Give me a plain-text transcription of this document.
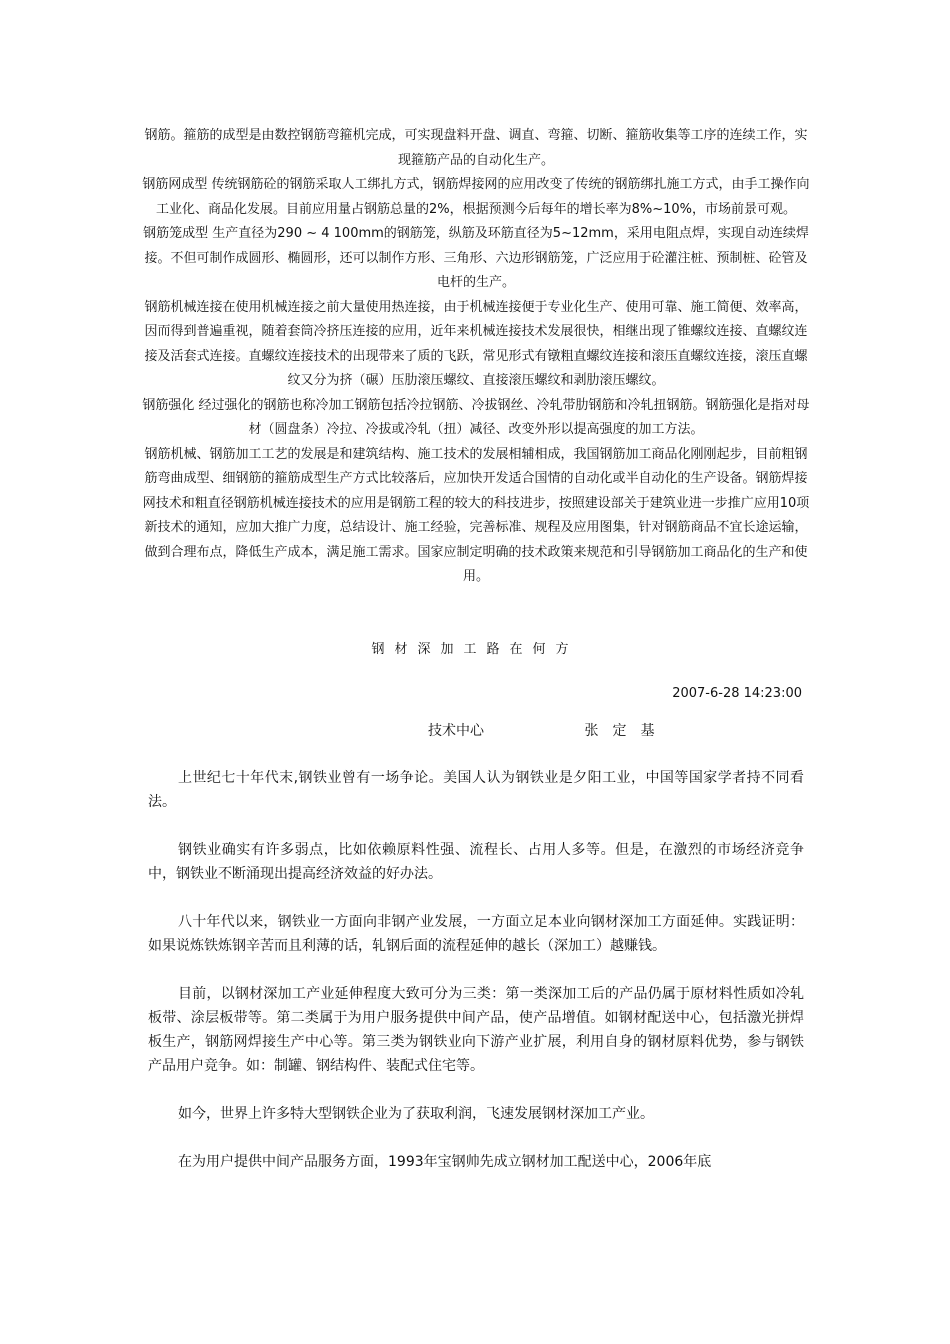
钢筋。箍筋的成型是由数控钢筋弯箍机完成，可实现盘料开盘、调直、弯箍、切断、箍筋收集等工序的连续工作，实现箍筋产品的自动化生产。

钢筋网成型 传统钢筋砼的钢筋采取人工绑扎方式，钢筋焊接网的应用改变了传统的钢筋绑扎施工方式，由手工操作向工业化、商品化发展。目前应用量占钢筋总量的2%，根据预测今后每年的增长率为8%~10%，市场前景可观。

钢筋笼成型 生产直径为290 ~ 4 100mm的钢筋笼，纵筋及环筋直径为5~12mm，采用电阻点焊，实现自动连续焊接。不但可制作成圆形、椭圆形，还可以制作方形、三角形、六边形钢筋笼，广泛应用于砼灌注桩、预制桩、砼管及电杆的生产。

钢筋机械连接在使用机械连接之前大量使用热连接，由于机械连接便于专业化生产、使用可靠、施工简便、效率高，因而得到普遍重视，随着套筒冷挤压连接的应用，近年来机械连接技术发展很快，相继出现了锥螺纹连接、直螺纹连接及活套式连接。直螺纹连接技术的出现带来了质的飞跃，常见形式有镦粗直螺纹连接和滚压直螺纹连接，滚压直螺纹又分为挤（碾）压肋滚压螺纹、直接滚压螺纹和剥肋滚压螺纹。

钢筋强化 经过强化的钢筋也称冷加工钢筋包括冷拉钢筋、冷拔钢丝、冷轧带肋钢筋和冷轧扭钢筋。钢筋强化是指对母材（圆盘条）冷拉、冷拔或冷轧（扭）减径、改变外形以提高强度的加工方法。

钢筋机械、钢筋加工工艺的发展是和建筑结构、施工技术的发展相辅相成，我国钢筋加工商品化刚刚起步，目前粗钢筋弯曲成型、细钢筋的箍筋成型生产方式比较落后，应加快开发适合国情的自动化或半自动化的生产设备。钢筋焊接网技术和粗直径钢筋机械连接技术的应用是钢筋工程的较大的科技进步，按照建设部关于建筑业进一步推广应用10项新技术的通知，应加大推广力度，总结设计、施工经验，完善标准、规程及应用图集，针对钢筋商品不宜长途运输，做到合理布点，降低生产成本，满足施工需求。国家应制定明确的技术政策来规范和引导钢筋加工商品化的生产和使用。

钢材深加工路在何方
2007-6-28 14:23:00
技术中心	张定基

上世纪七十年代末,钢铁业曾有一场争论。美国人认为钢铁业是夕阳工业，中国等国家学者持不同看法。

钢铁业确实有许多弱点，比如依赖原料性强、流程长、占用人多等。但是，在激烈的市场经济竞争中，钢铁业不断涌现出提高经济效益的好办法。

八十年代以来，钢铁业一方面向非钢产业发展，一方面立足本业向钢材深加工方面延伸。实践证明：如果说炼铁炼钢辛苦而且利薄的话，轧钢后面的流程延伸的越长（深加工）越赚钱。

目前，以钢材深加工产业延伸程度大致可分为三类：第一类深加工后的产品仍属于原材料性质如冷轧板带、涂层板带等。第二类属于为用户服务提供中间产品，使产品增值。如钢材配送中心，包括激光拼焊板生产，钢筋网焊接生产中心等。第三类为钢铁业向下游产业扩展，利用自身的钢材原料优势，参与钢铁产品用户竞争。如：制罐、钢结构件、装配式住宅等。

如今，世界上许多特大型钢铁企业为了获取利润，飞速发展钢材深加工产业。

在为用户提供中间产品服务方面，1993年宝钢帅先成立钢材加工配送中心，2006年底
